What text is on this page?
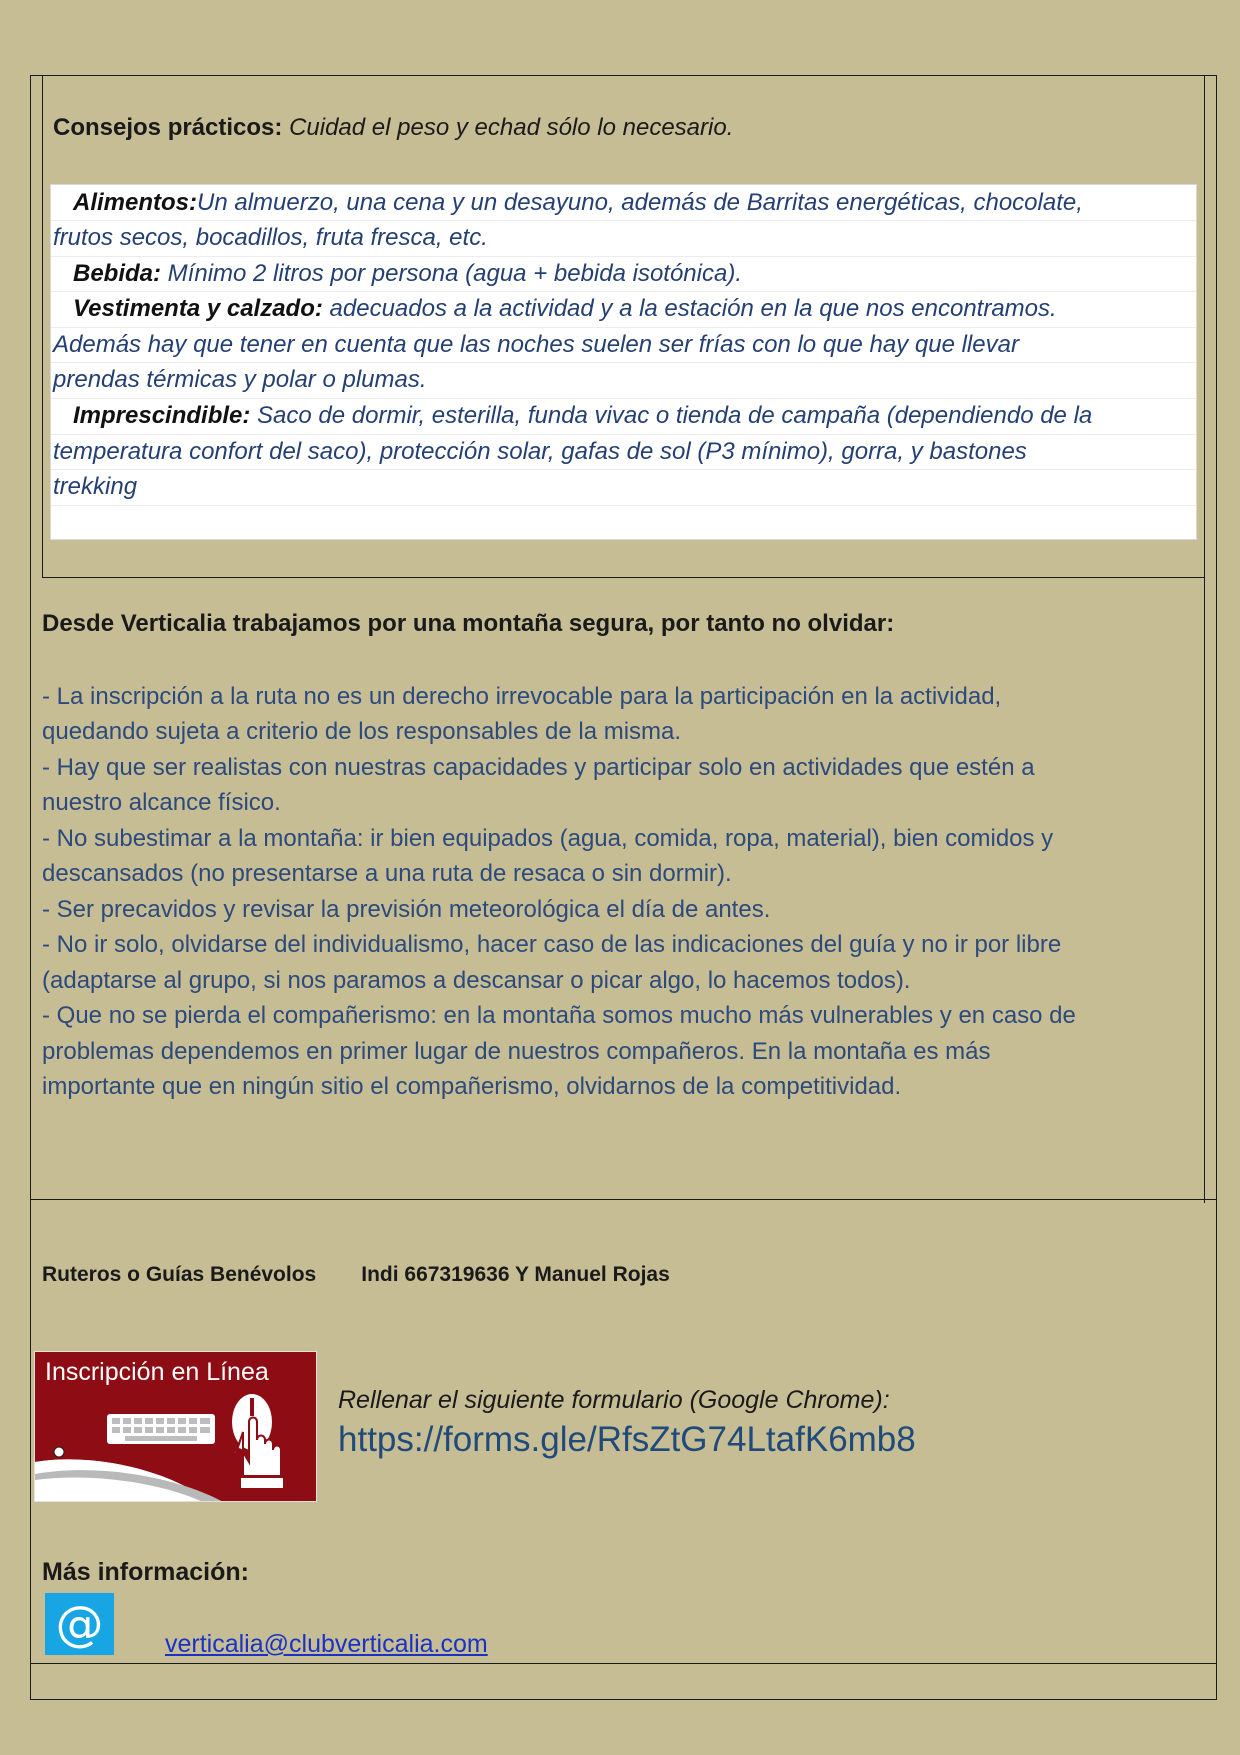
Consejos prácticos: Cuidad el peso y echad sólo lo necesario.
Alimentos:Un almuerzo, una cena y un desayuno, además de Barritas energéticas, chocolate,
frutos secos, bocadillos, fruta fresca, etc.
Bebida: Mínimo 2 litros por persona (agua + bebida isotónica).
Vestimenta y calzado: adecuados a la actividad y a la estación en la que nos encontramos.
Además hay que tener en cuenta que las noches suelen ser frías con lo que hay que llevar
prendas térmicas y polar o plumas.
Imprescindible: Saco de dormir, esterilla, funda vivac o tienda de campaña (dependiendo de la
temperatura confort del saco), protección solar, gafas de sol (P3 mínimo), gorra, y bastones
trekking
Desde Verticalia trabajamos por una montaña segura, por tanto no olvidar:
- La inscripción a la ruta no es un derecho irrevocable para la participación en la actividad,
quedando sujeta a criterio de los responsables de la misma.
- Hay que ser realistas con nuestras capacidades y participar solo en actividades que estén a
nuestro alcance físico.
- No subestimar a la montaña: ir bien equipados (agua, comida, ropa, material), bien comidos y
descansados (no presentarse a una ruta de resaca o sin dormir).
- Ser precavidos y revisar la previsión meteorológica el día de antes.
- No ir solo, olvidarse del individualismo, hacer caso de las indicaciones del guía y no ir por libre
(adaptarse al grupo, si nos paramos a descansar o picar algo, lo hacemos todos).
- Que no se pierda el compañerismo: en la montaña somos mucho más vulnerables y en caso de
problemas dependemos en primer lugar de nuestros compañeros. En la montaña es más
importante que en ningún sitio el compañerismo, olvidarnos de la competitividad.
Ruteros o Guías Benévolos Indi 667319636 Y Manuel Rojas
Inscripción en Línea
Rellenar el siguiente formulario (Google Chrome):
https://forms.gle/RfsZtG74LtafK6mb8
Más información:
@	verticalia@clubverticalia.com
